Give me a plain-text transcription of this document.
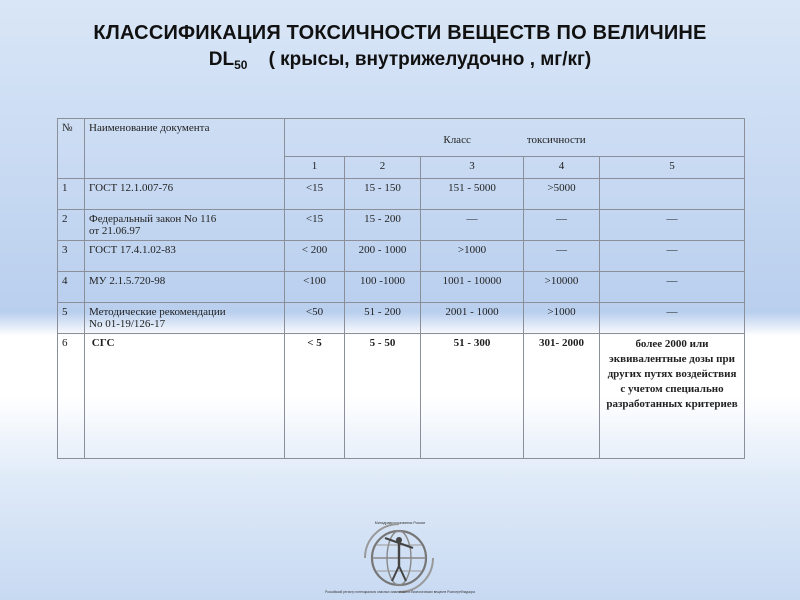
КЛАССИФИКАЦИЯ ТОКСИЧНОСТИ ВЕЩЕСТВ ПО ВЕЛИЧИНЕ
$DL_{50}$ ( крысы, внутрижелудочно , мг/кг)
№	Наименование документа	Класс токсичности				
		1	2	3	4	5
1	ГОСТ 12.1.007-76	<15	15 - 150	151 - 5000	>5000	
2	Федеральный закон No 116
от 21.06.97	<15	15 - 200	—	—	—
3	ГОСТ 17.4.1.02-83	< 200	200 - 1000	>1000	—	—
4	МУ 2.1.5.720-98	<100	100 -1000	1001 - 10000	>10000	—
5	Методические рекомендации
No 01-19/126-17	<50	51 - 200	2001 - 1000	>1000	—
6	СГС	< 5	5 - 50	51 - 300	301- 2000	более 2000 или эквивалентные дозы при других путях воздействия с учетом специально разработанных критериев
Минздравсоцразвития России
Российский регистр потенциально опасных химических и биологических веществ Роспотребнадзора
